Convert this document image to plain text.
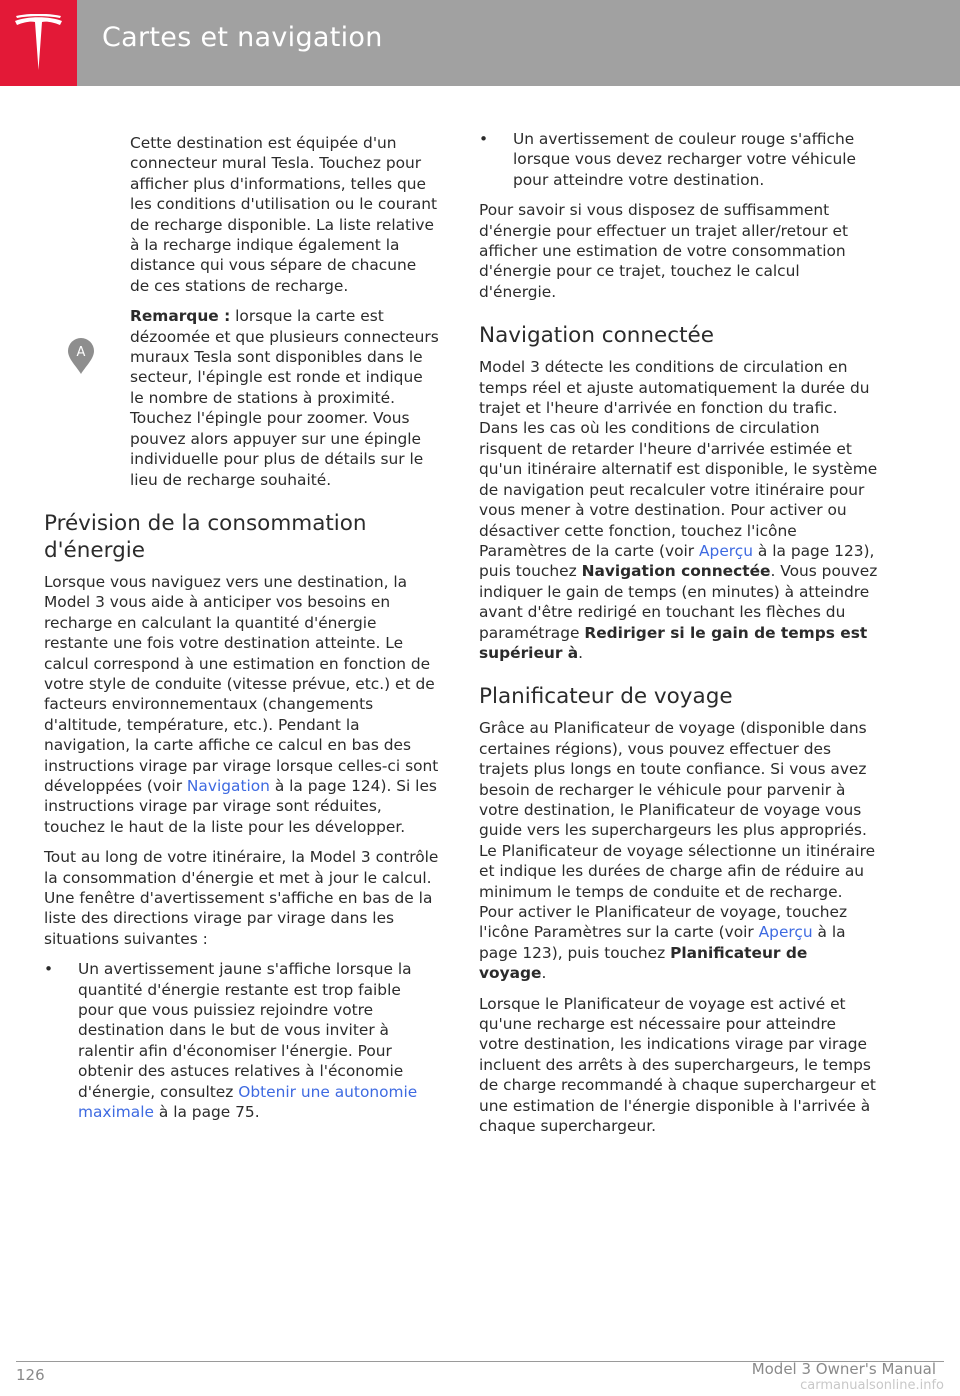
Cartes et navigation
A

Cette destination est équipée d'un connecteur mural Tesla. Touchez pour afficher plus d'informations, telles que les conditions d'utilisation ou le courant de recharge disponible. La liste relative à la recharge indique également la distance qui vous sépare de chacune de ces stations de recharge.

Remarque : lorsque la carte est dézoomée et que plusieurs connecteurs muraux Tesla sont disponibles dans le secteur, l'épingle est ronde et indique le nombre de stations à proximité. Touchez l'épingle pour zoomer. Vous pouvez alors appuyer sur une épingle individuelle pour plus de détails sur le lieu de recharge souhaité.

Prévision de la consommation d'énergie

Lorsque vous naviguez vers une destination, la Model 3 vous aide à anticiper vos besoins en recharge en calculant la quantité d'énergie restante une fois votre destination atteinte. Le calcul correspond à une estimation en fonction de votre style de conduite (vitesse prévue, etc.) et de facteurs environnementaux (changements d'altitude, température, etc.). Pendant la navigation, la carte affiche ce calcul en bas des instructions virage par virage lorsque celles-ci sont développées (voir Navigation à la page 124). Si les instructions virage par virage sont réduites, touchez le haut de la liste pour les développer.

Tout au long de votre itinéraire, la Model 3 contrôle la consommation d'énergie et met à jour le calcul. Une fenêtre d'avertissement s'affiche en bas de la liste des directions virage par virage dans les situations suivantes :

• Un avertissement jaune s'affiche lorsque la quantité d'énergie restante est trop faible pour que vous puissiez rejoindre votre destination dans le but de vous inviter à ralentir afin d'économiser l'énergie. Pour obtenir des astuces relatives à l'économie d'énergie, consultez Obtenir une autonomie maximale à la page 75.
• Un avertissement de couleur rouge s'affiche lorsque vous devez recharger votre véhicule pour atteindre votre destination.

Pour savoir si vous disposez de suffisamment d'énergie pour effectuer un trajet aller/retour et afficher une estimation de votre consommation d'énergie pour ce trajet, touchez le calcul d'énergie.

Navigation connectée

Model 3 détecte les conditions de circulation en temps réel et ajuste automatiquement la durée du trajet et l'heure d'arrivée en fonction du trafic. Dans les cas où les conditions de circulation risquent de retarder l'heure d'arrivée estimée et qu'un itinéraire alternatif est disponible, le système de navigation peut recalculer votre itinéraire pour vous mener à votre destination. Pour activer ou désactiver cette fonction, touchez l'icône Paramètres de la carte (voir Aperçu à la page 123), puis touchez Navigation connectée. Vous pouvez indiquer le gain de temps (en minutes) à atteindre avant d'être redirigé en touchant les flèches du paramétrage Rediriger si le gain de temps est supérieur à.

Planificateur de voyage

Grâce au Planificateur de voyage (disponible dans certaines régions), vous pouvez effectuer des trajets plus longs en toute confiance. Si vous avez besoin de recharger le véhicule pour parvenir à votre destination, le Planificateur de voyage vous guide vers les superchargeurs les plus appropriés. Le Planificateur de voyage sélectionne un itinéraire et indique les durées de charge afin de réduire au minimum le temps de conduite et de recharge. Pour activer le Planificateur de voyage, touchez l'icône Paramètres sur la carte (voir Aperçu à la page 123), puis touchez Planificateur de voyage.

Lorsque le Planificateur de voyage est activé et qu'une recharge est nécessaire pour atteindre votre destination, les indications virage par virage incluent des arrêts à des superchargeurs, le temps de charge recommandé à chaque superchargeur et une estimation de l'énergie disponible à l'arrivée à chaque superchargeur.

126	Model 3 Owner's Manual
carmanualsonline.info
